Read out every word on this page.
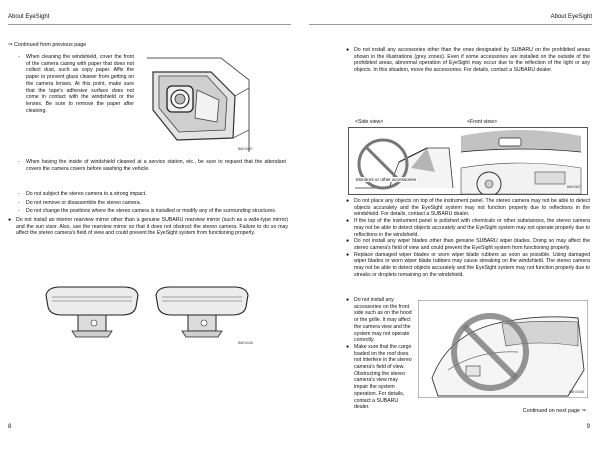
About EyeSight	About EyeSight
⇒ Continued from previous page

- When cleaning the windshield, cover the front of the camera casing with paper that does not collect dust, such as copy paper. Affix the paper to prevent glass cleaner from getting on the camera lenses. At this point, make sure that the tape's adhesive surface does not come in contact with the windshield or the lenses. Be sure to remove the paper after cleaning.

B6K0047

- When having the inside of windshield cleaned at a service station, etc., be sure to request that the attendant covers the camera covers before washing the vehicle.

- Do not subject the stereo camera to a strong impact.

- Do not remove or disassemble the stereo camera.

- Do not change the positions where the stereo camera is installed or modify any of the surrounding structures.

● Do not install an interior rearview mirror other than a genuine SUBARU rearview mirror (such as a wide-type mirror) and the sun visor. Also, use the rearview mirror so that it does not obstruct the stereo camera. Failure to do so may affect the stereo camera's field of view and could prevent the EyeSight system from functioning properly.

B6K0048
8

● Do not install any accessories other than the ones designated by SUBARU on the prohibited areas shown in the illustrations (grey zones). Even if some accessories are installed on the outside of the prohibited areas, abnormal operation of EyeSight may occur due to the reflection of the light or any objects. In this situation, move the accessories. For details, contact a SUBARU dealer.

<Side view>	<Front view>
Monitors or other accessories
B6K0627

● Do not place any objects on top of the instrument panel. The stereo camera may not be able to detect objects accurately and the EyeSight system may not function properly due to reflections in the windshield. For details, contact a SUBARU dealer.

● If the top of the instrument panel is polished with chemicals or other substances, the stereo camera may not be able to detect objects accurately and the EyeSight system may not operate properly due to reflections in the windshield.

● Do not install any wiper blades other than genuine SUBARU wiper blades. Doing so may affect the stereo camera's field of view and could prevent the EyeSight system from functioning properly.

● Replace damaged wiper blades or worn wiper blade rubbers as soon as possible. Using damaged wiper blades or worn wiper blade rubbers may cause streaking on the windshield. The stereo camera may not be able to detect objects accurately and the EyeSight system may not function properly due to streaks or droplets remaining on the windshield.

● Do not install any accessories on the front side such as on the hood or the grille. It may affect the camera view and the system may not operate correctly.

● Make sure that the cargo loaded on the roof does not interfere in the stereo camera's field of view. Obstructing the stereo camera's view may impair the system operation. For details, contact a SUBARU dealer.

B6K0048
Continued on next page ⇒
9
